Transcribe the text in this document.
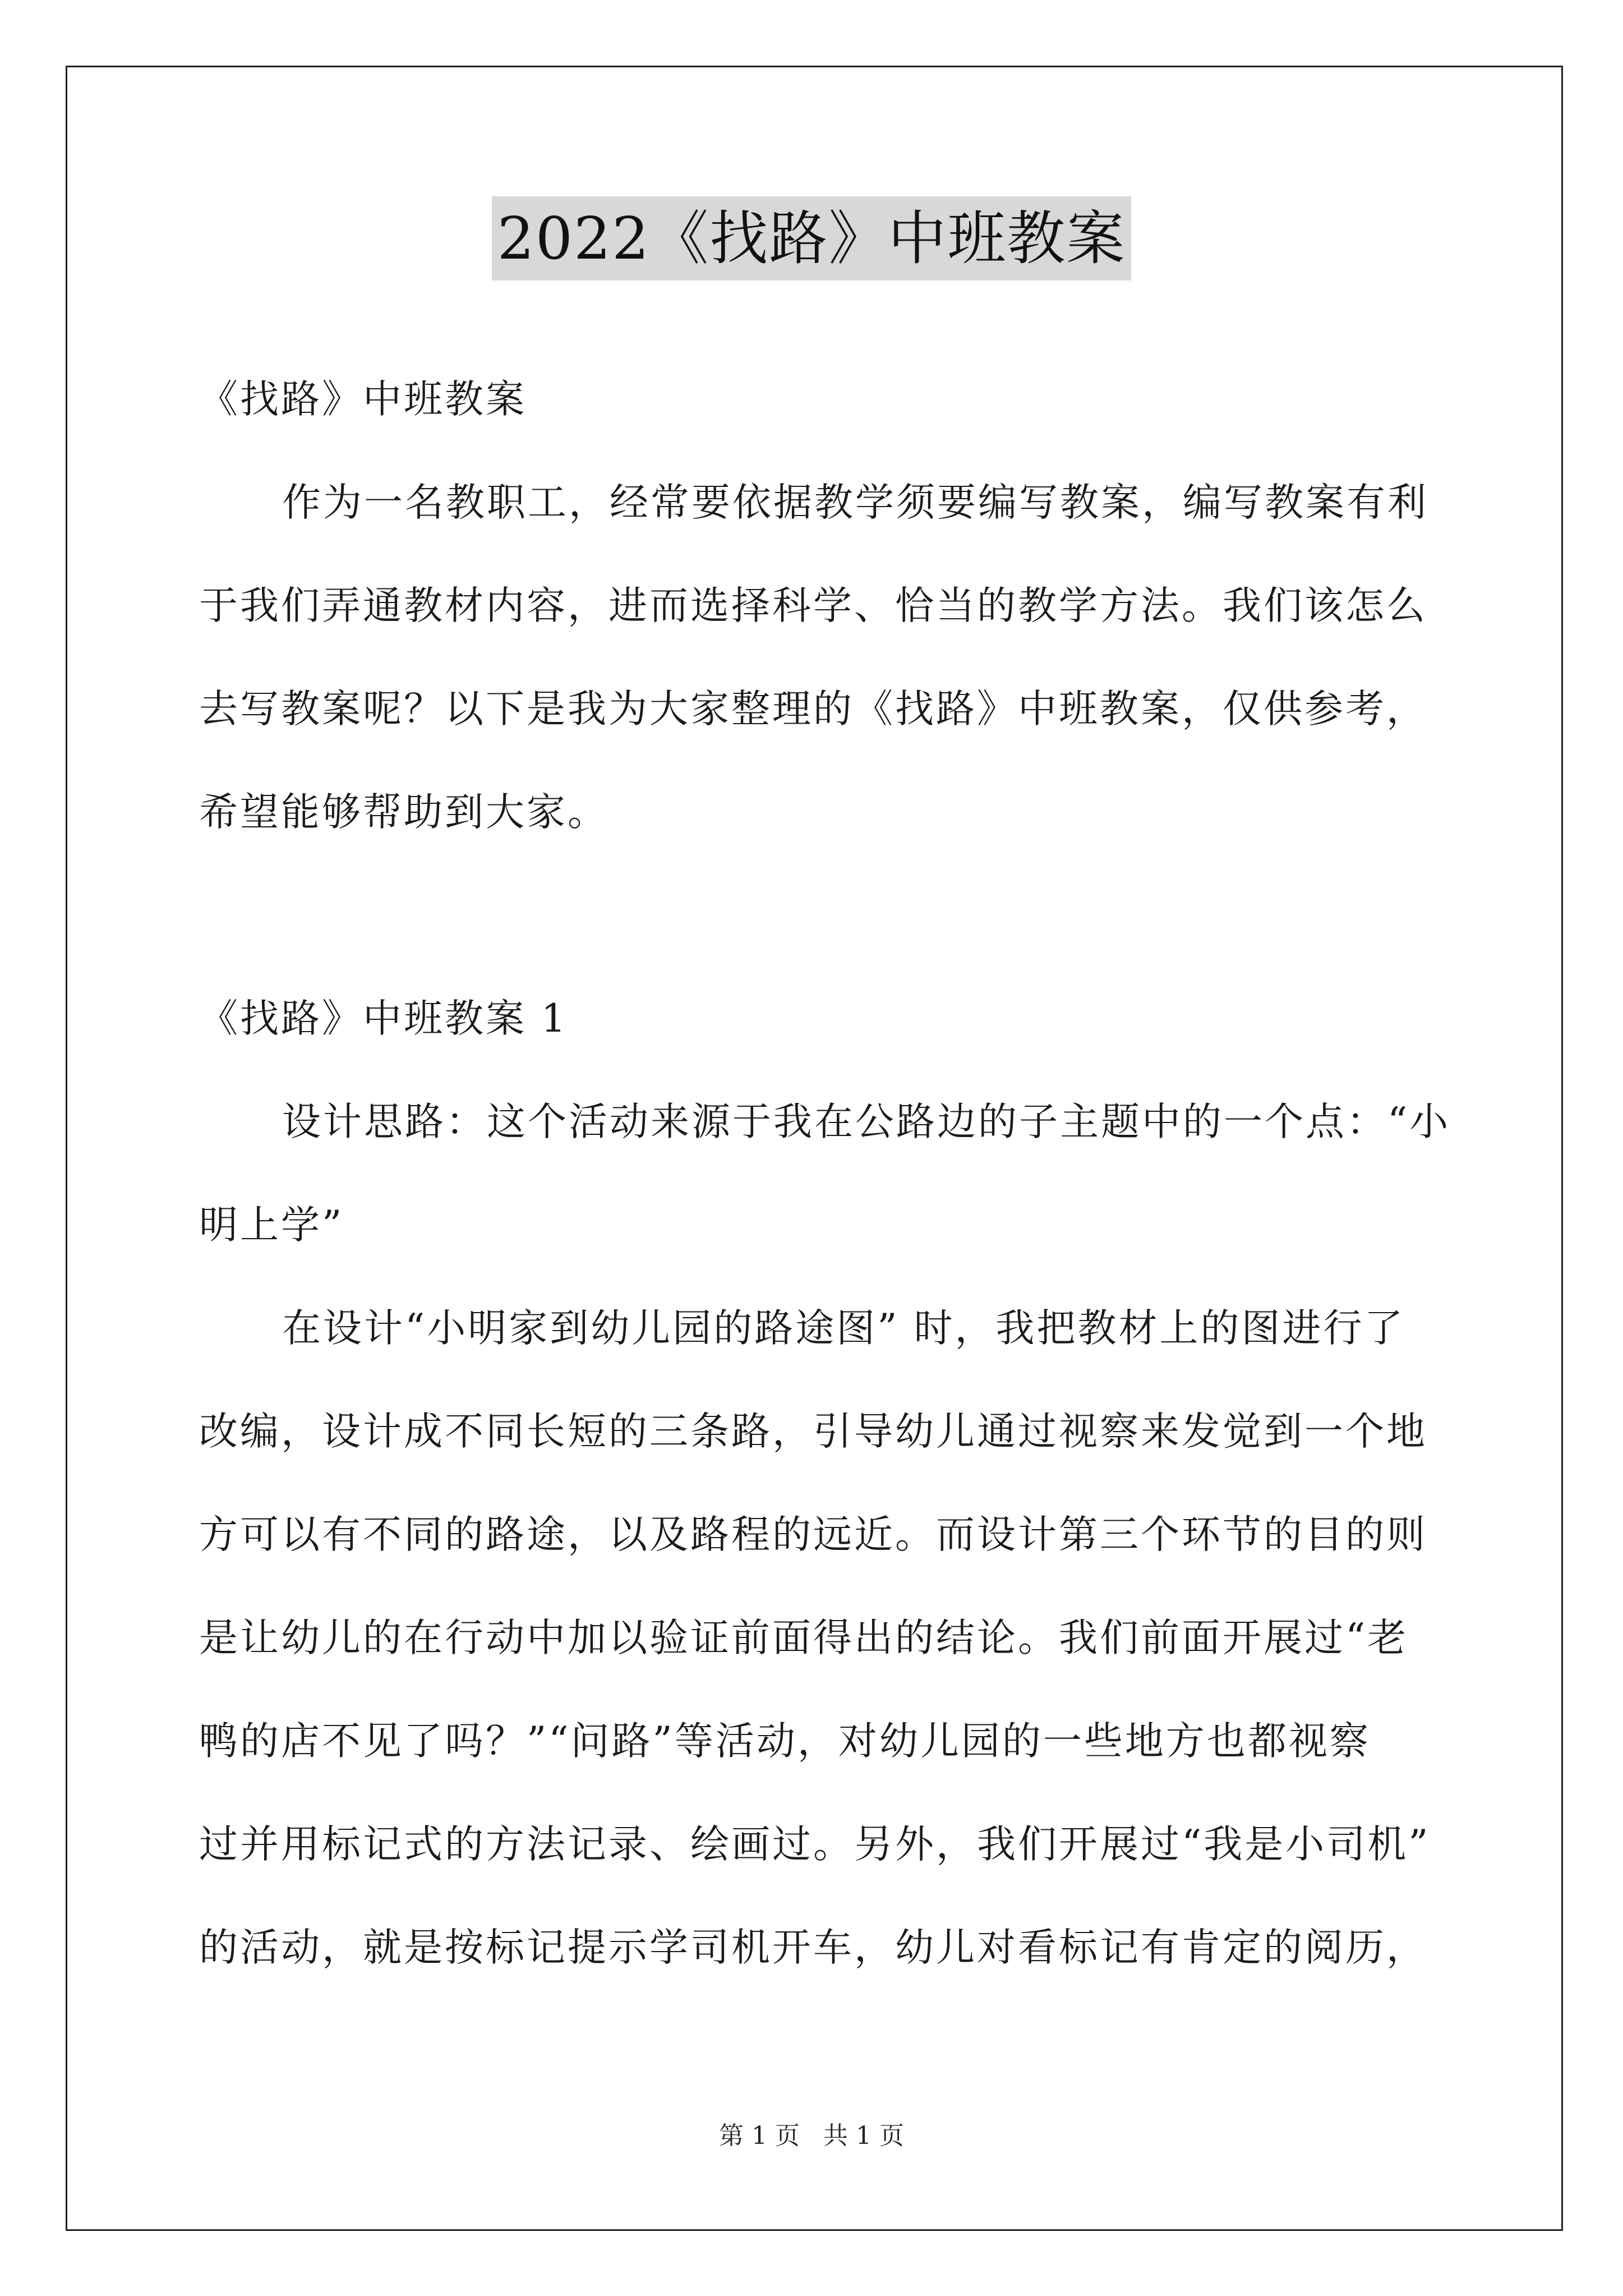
2022《找路》中班教案
《找路》中班教案
作为一名教职工，经常要依据教学须要编写教案，编写教案有利
于我们弄通教材内容，进而选择科学、恰当的教学方法。我们该怎么
去写教案呢？以下是我为大家整理的《找路》中班教案，仅供参考，
希望能够帮助到大家。
《找路》中班教案 1
设计思路：这个活动来源于我在公路边的子主题中的一个点：“小
明上学”
在设计“小明家到幼儿园的路途图” 时，我把教材上的图进行了
改编，设计成不同长短的三条路，引导幼儿通过视察来发觉到一个地
方可以有不同的路途，以及路程的远近。而设计第三个环节的目的则
是让幼儿的在行动中加以验证前面得出的结论。我们前面开展过“老
鸭的店不见了吗？”“问路”等活动，对幼儿园的一些地方也都视察
过并用标记式的方法记录、绘画过。另外，我们开展过“我是小司机”
的活动，就是按标记提示学司机开车，幼儿对看标记有肯定的阅历，
第 1 页 共 1 页
